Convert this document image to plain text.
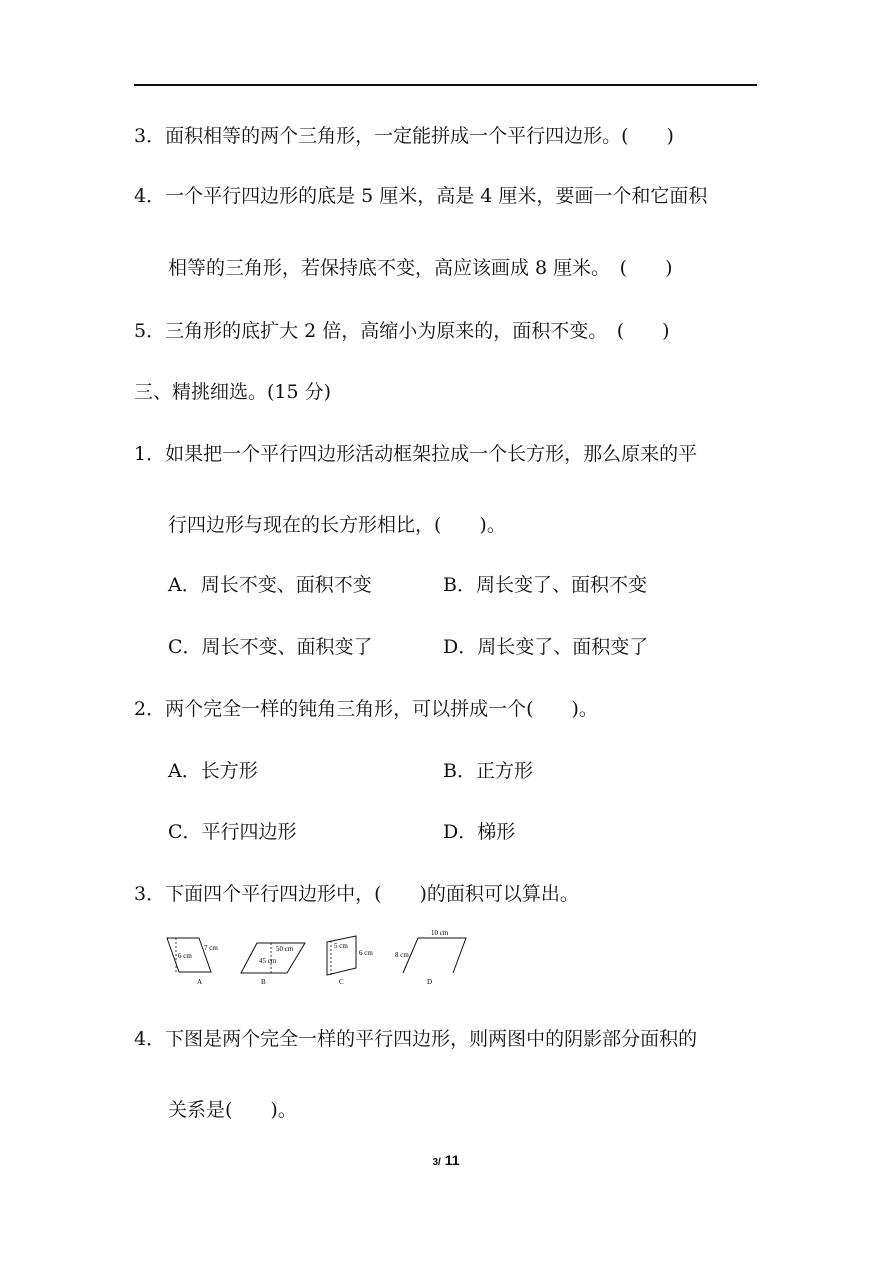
3．面积相等的两个三角形，一定能拼成一个平行四边形。(　　)
4．一个平行四边形的底是 5 厘米，高是 4 厘米，要画一个和它面积
相等的三角形，若保持底不变，高应该画成 8 厘米。　(　　)
5．三角形的底扩大 2 倍，高缩小为原来的，面积不变。　(　　)
三、精挑细选。(15 分)
1．如果把一个平行四边形活动框架拉成一个长方形，那么原来的平
行四边形与现在的长方形相比，(　　)。
A．周长不变、面积不变	B．周长变了、面积不变
C．周长不变、面积变了	D．周长变了、面积变了
2．两个完全一样的钝角三角形，可以拼成一个(　　)。
A．长方形	B．正方形
C．平行四边形	D．梯形
3．下面四个平行四边形中，(　　)的面积可以算出。
6 cm
7 cm
A
50 cm
45 cm
B
5 cm
6 cm
C
10 cm
8 cm
D
4．下图是两个完全一样的平行四边形，则两图中的阴影部分面积的
关系是(　　)。
3/ 11
